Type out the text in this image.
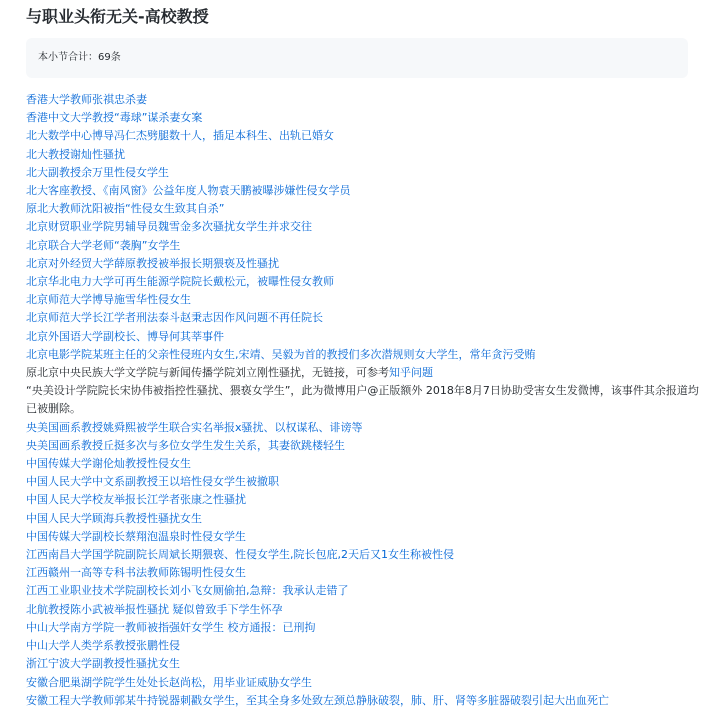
与职业头衔无关-高校教授
本小节合计：69条
香港大学教师张祺忠杀妻
香港中文大学教授“毒球”谋杀妻女案
北大数学中心博导冯仁杰劈腿数十人，插足本科生、出轨已婚女
北大教授谢灿性骚扰
北大副教授余万里性侵女学生
北大客座教授、《南风窗》公益年度人物袁天鹏被曝涉嫌性侵女学员
原北大教师沈阳被指“性侵女生致其自杀”
北京财贸职业学院男辅导员魏雪金多次骚扰女学生并求交往
北京联合大学老师“袭胸”女学生
北京对外经贸大学薛原教授被举报长期猥亵及性骚扰
北京华北电力大学可再生能源学院院长戴松元，被曝性侵女教师
北京师范大学博导施雪华性侵女生
北京师范大学长江学者刑法泰斗赵秉志因作风问题不再任院长
北京外国语大学副校长、博导何其莘事件
北京电影学院某班主任的父亲性侵班内女生,宋靖、吴毅为首的教授们多次潜规则女大学生，常年贪污受贿
原北京中央民族大学文学院与新闻传播学院刘立刚性骚扰，无链接，可参考知乎问题
“央美设计学院院长宋协伟被指控性骚扰、猥亵女学生”，此为微博用户@正版额外 2018年8月7日协助受害女生发微博，该事件其余报道均已被删除。
央美国画系教授姚舜熙被学生联合实名举报x骚扰、以权谋私、诽谤等
央美国画系教授丘挺多次与多位女学生发生关系，其妻欲跳楼轻生
中国传媒大学谢伦灿教授性侵女生
中国人民大学中文系副教授王以培性侵女学生被撤职
中国人民大学校友举报长江学者张康之性骚扰
中国人民大学顾海兵教授性骚扰女生
中国传媒大学副校长蔡翔泡温泉时性侵女学生
江西南昌大学国学院副院长周斌长期猥亵、性侵女学生,院长包庇,2天后又1女生称被性侵
江西赣州一高等专科书法教师陈锡明性侵女生
江西工业职业技术学院副校长刘小飞女厕偷拍,急辩：我承认走错了
北航教授陈小武被举报性骚扰 疑似曾致手下学生怀孕
中山大学南方学院一教师被指强奸女学生 校方通报：已刑拘
中山大学人类学系教授张鹏性侵
浙江宁波大学副教授性骚扰女生
安徽合肥巢湖学院学生处处长赵尚松，用毕业证威胁女学生
安徽工程大学教师郭某牛持锐器刺戳女学生，至其全身多处致左颈总静脉破裂，肺、肝、肾等多脏器破裂引起大出血死亡
